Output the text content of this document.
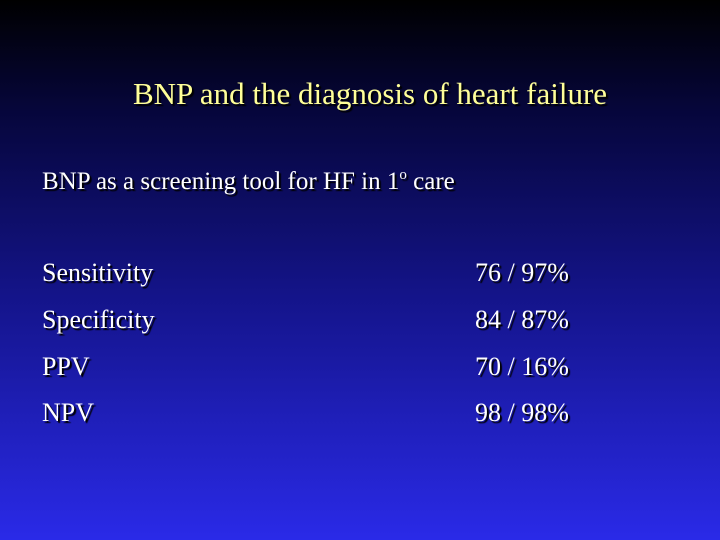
BNP and the diagnosis of heart failure
BNP as a screening tool for HF in 1$^o$ care
Sensitivity	76 / 97%
Specificity	84 / 87%
PPV	70 / 16%
NPV	98 / 98%
